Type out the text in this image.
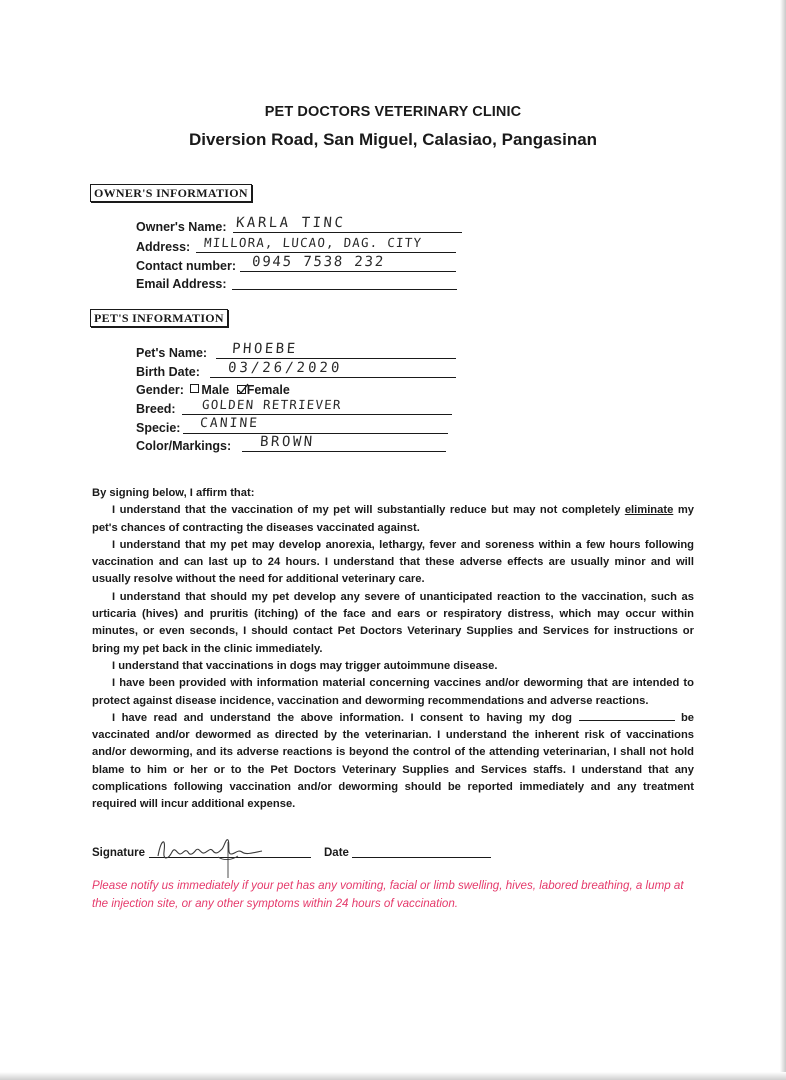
PET DOCTORS VETERINARY CLINIC
Diversion Road, San Miguel, Calasiao, Pangasinan
OWNER'S INFORMATION
Owner's Name: KARLA TINC
Address: MILLORA, LUCAO, DAG. CITY
Contact number: 0945 7538 232
Email Address:
PET'S INFORMATION
Pet's Name: PHOEBE
Birth Date: 03/26/2020
Gender: Male Female
Breed: GOLDEN RETRIEVER
Specie: CANINE
Color/Markings: BROWN

By signing below, I affirm that:

I understand that the vaccination of my pet will substantially reduce but may not completely eliminate my pet's chances of contracting the diseases vaccinated against.

I understand that my pet may develop anorexia, lethargy, fever and soreness within a few hours following vaccination and can last up to 24 hours. I understand that these adverse effects are usually minor and will usually resolve without the need for additional veterinary care.

I understand that should my pet develop any severe of unanticipated reaction to the vaccination, such as urticaria (hives) and pruritis (itching) of the face and ears or respiratory distress, which may occur within minutes, or even seconds, I should contact Pet Doctors Veterinary Supplies and Services for instructions or bring my pet back in the clinic immediately.

I understand that vaccinations in dogs may trigger autoimmune disease.

I have been provided with information material concerning vaccines and/or deworming that are intended to protect against disease incidence, vaccination and deworming recommendations and adverse reactions.

I have read and understand the above information. I consent to having my dog	be vaccinated and/or dewormed as directed by the veterinarian. I understand the inherent risk of vaccinations and/or deworming, and its adverse reactions is beyond the control of the attending veterinarian, I shall not hold blame to him or her or to the Pet Doctors Veterinary Supplies and Services staffs. I understand that any complications following vaccination and/or deworming should be reported immediately and any treatment required will incur additional expense.

Signature	Date
Please notify us immediately if your pet has any vomiting, facial or limb swelling, hives, labored breathing, a lump at the injection site, or any other symptoms within 24 hours of vaccination.
